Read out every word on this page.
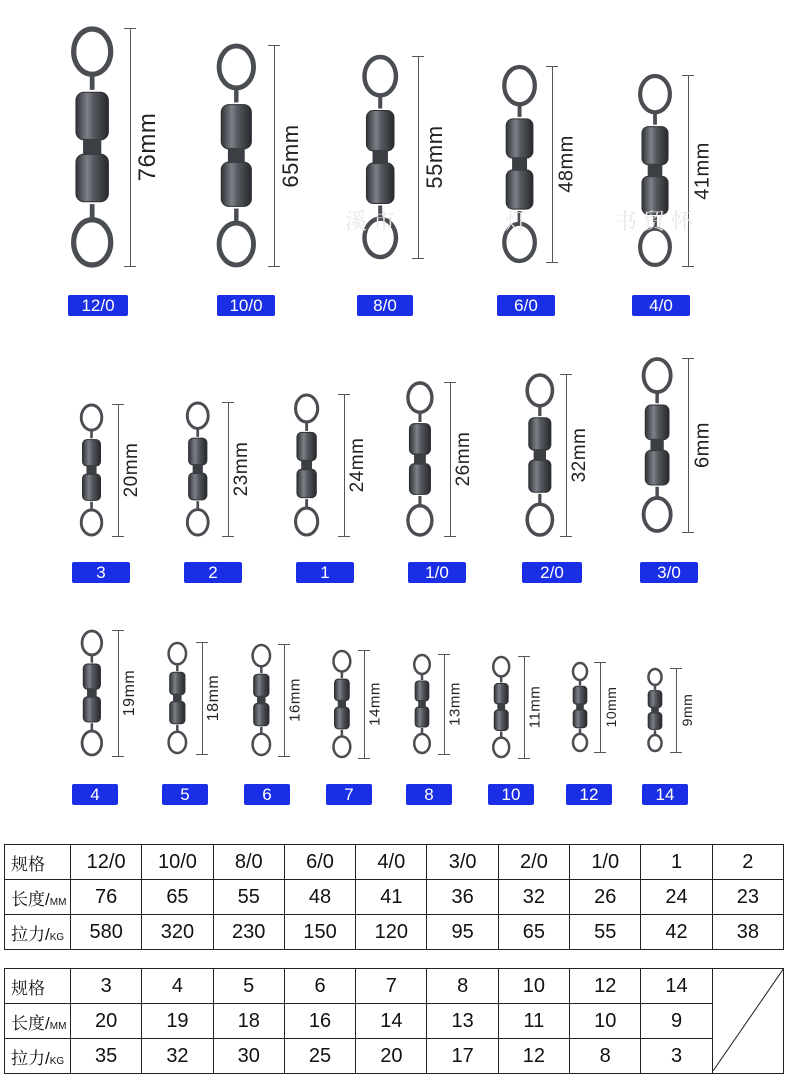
76mm
12/0
65mm
10/0
55mm
8/0
48mm
6/0
41mm
4/0
20mm
3
23mm
2
24mm
1
26mm
1/0
32mm
2/0
6mm
3/0
19mm
4
18mm
5
16mm
6
14mm
7
13mm
8
11mm
10
10mm
12
9mm
14
溪市	灯	书贸怀
规格	12/0	10/0	8/0	6/0	4/0	3/0	2/0	1/0	1	2
长度/MM	76	65	55	48	41	36	32	26	24	23
拉力/KG	580	320	230	150	120	95	65	55	42	38
规格	3	4	5	6	7	8	10	12	14	

长度/MM	20	19	18	16	14	13	11	10	9	
拉力/KG	35	32	30	25	20	17	12	8	3	
